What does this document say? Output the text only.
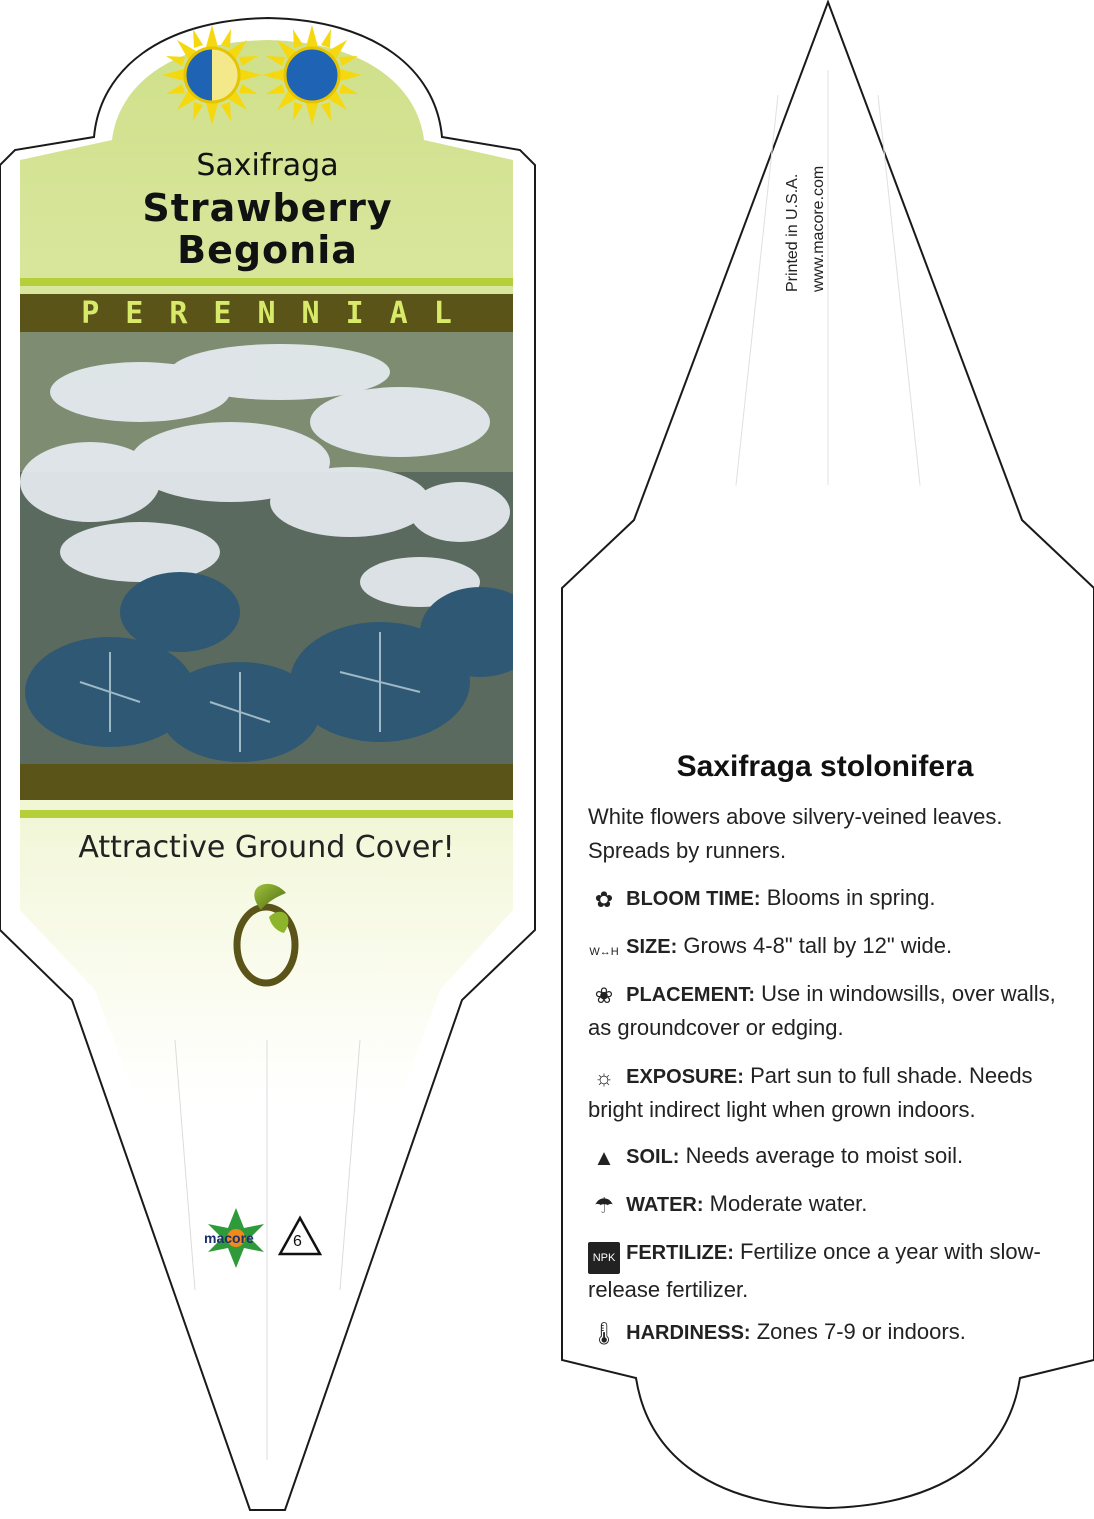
Saxifraga
Strawberry
Begonia
PERENNIAL
Attractive Ground Cover!
macore 6
Printed in U.S.A. www.macore.com
Saxifraga stolonifera
White flowers above silvery-veined leaves. Spreads by runners.
✿ BLOOM TIME: Blooms in spring.
W↔H SIZE: Grows 4-8" tall by 12" wide.
❀ PLACEMENT: Use in windowsills, over walls, as groundcover or edging.
☼ EXPOSURE: Part sun to full shade. Needs bright indirect light when grown indoors.
▲ SOIL: Needs average to moist soil.
☂ WATER: Moderate water.
NPK FERTILIZE: Fertilize once a year with slow-release fertilizer.
🌡 HARDINESS: Zones 7-9 or indoors.
